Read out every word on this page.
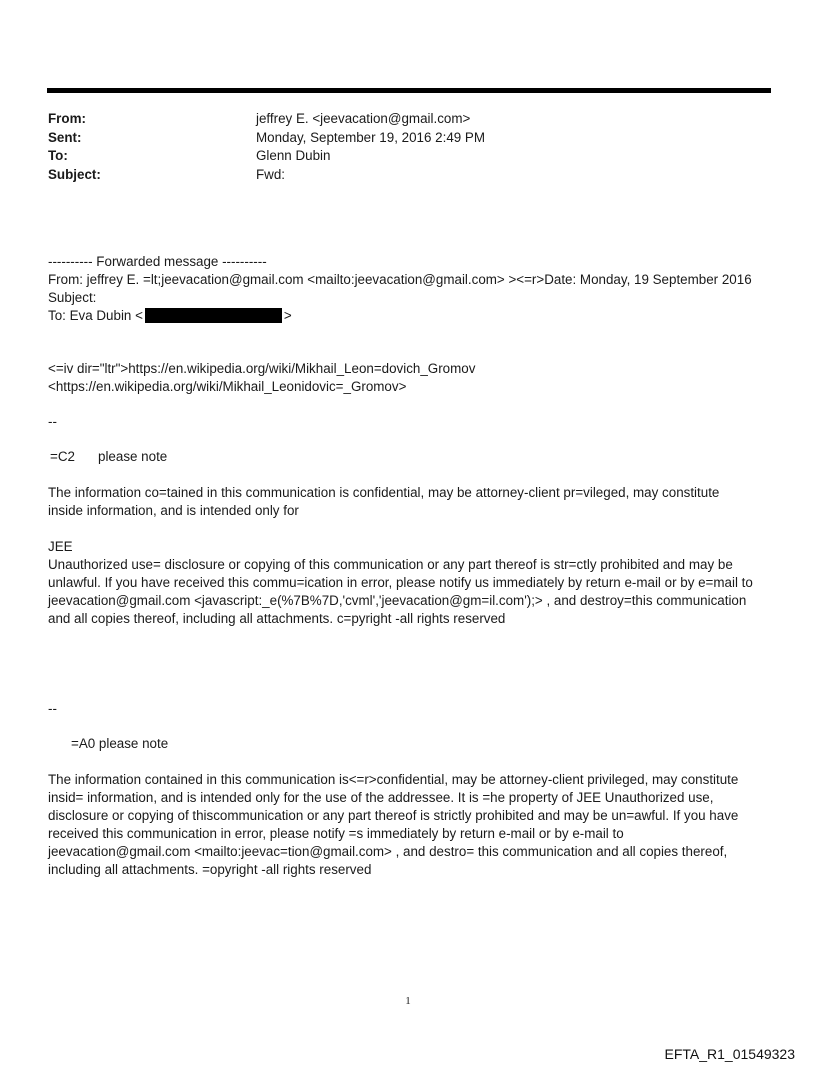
From:	jeffrey E. <jeevacation@gmail.com>
Sent:	Monday, September 19, 2016 2:49 PM
To:	Glenn Dubin
Subject:	Fwd:
---------- Forwarded message ----------
From: jeffrey E. =lt;jeevacation@gmail.com <mailto:jeevacation@gmail.com> ><=r>Date: Monday, 19 September 2016
Subject:
To: Eva Dubin <	>
<=iv dir="ltr">https://en.wikipedia.org/wiki/Mikhail_Leon=dovich_Gromov
<https://en.wikipedia.org/wiki/Mikhail_Leonidovic=_Gromov>
--
=C2 please note
The information co=tained in this communication is confidential, may be attorney-client pr=vileged, may constitute
inside information, and is intended only for
JEE
Unauthorized use= disclosure or copying of this communication or any part thereof is str=ctly prohibited and may be
unlawful. If you have received this commu=ication in error, please notify us immediately by return e-mail or by e=mail to
jeevacation@gmail.com <javascript:_e(%7B%7D,'cvml','jeevacation@gm=il.com');> , and destroy=this communication
and all copies thereof, including all attachments. c=pyright -all rights reserved
--
=A0 please note
The information contained in this communication is<=r>confidential, may be attorney-client privileged, may constitute
insid= information, and is intended only for the use of the addressee. It is =he property of JEE Unauthorized use,
disclosure or copying of thiscommunication or any part thereof is strictly prohibited and may be un=awful. If you have
received this communication in error, please notify =s immediately by return e-mail or by e-mail to
jeevacation@gmail.com <mailto:jeevac=tion@gmail.com> , and destro= this communication and all copies thereof,
including all attachments. =opyright -all rights reserved
1
EFTA_R1_01549323
